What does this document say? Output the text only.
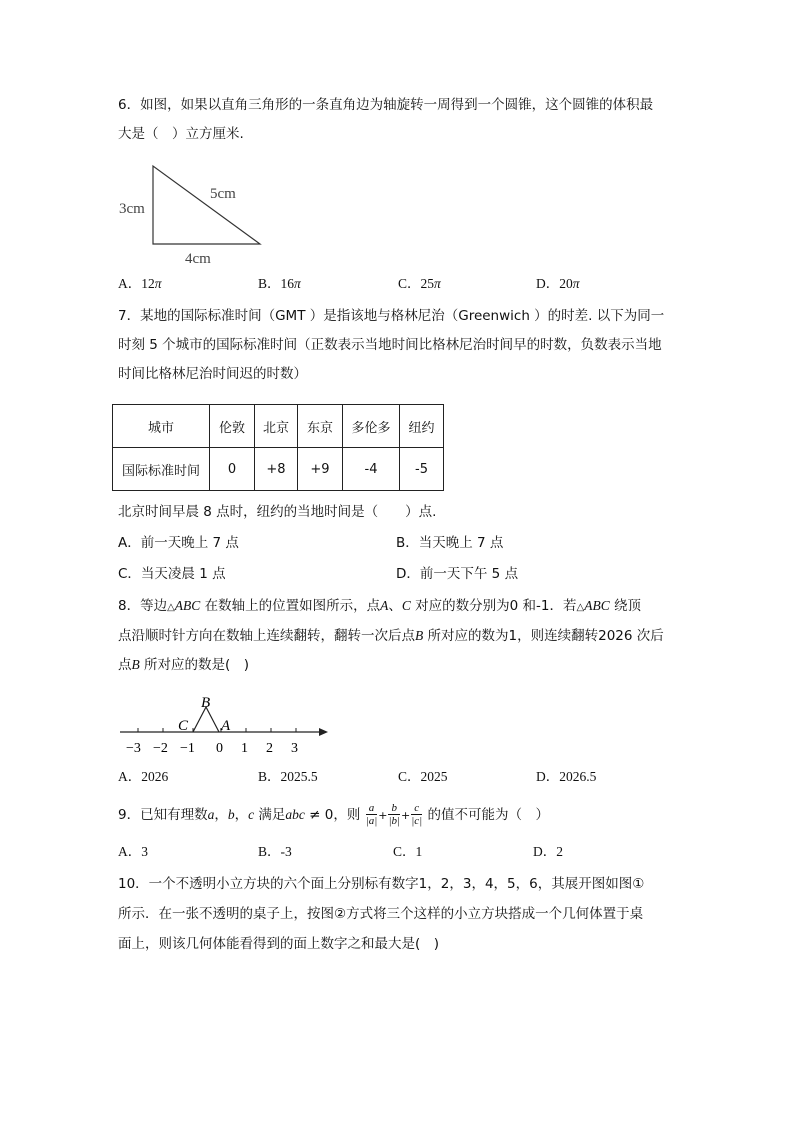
6．如图，如果以直角三角形的一条直角边为轴旋转一周得到一个圆锥，这个圆锥的体积最
大是（　）立方厘米.
3cm
5cm
4cm
A．12π	B．16π	C．25π	D．20π
7．某地的国际标准时间（GMT ）是指该地与格林尼治（Greenwich ）的时差. 以下为同一
时刻 5 个城市的国际标准时间（正数表示当地时间比格林尼治时间早的时数，负数表示当地
时间比格林尼治时间迟的时数）
城市	伦敦	北京	东京	多伦多	纽约
国际标准时间	0	+8	+9	-4	-5
北京时间早晨 8 点时，纽约的当地时间是（　　）点.
A．前一天晚上 7 点	B．当天晚上 7 点
C．当天凌晨 1 点	D．前一天下午 5 点
8．等边△ABC 在数轴上的位置如图所示，点A、C 对应的数分别为0 和-1．若△ABC 绕顶
点沿顺时针方向在数轴上连续翻转，翻转一次后点B 所对应的数为1，则连续翻转2026 次后
点B 所对应的数是(　)
B
C A
−3 −2 −1 0 1 2 3
A．2026	B．2025.5	C．2025	D．2026.5
9．已知有理数a，b，c 满足abc ≠ 0，则 $\frac{a}{|a|} + \frac{b}{|b|} + \frac{c}{|c|}$ 的值不可能为（　）
A．3	B．-3	C．1	D．2
10．一个不透明小立方块的六个面上分别标有数字1，2，3，4，5，6，其展开图如图①
所示．在一张不透明的桌子上，按图②方式将三个这样的小立方块搭成一个几何体置于桌
面上，则该几何体能看得到的面上数字之和最大是(　)
